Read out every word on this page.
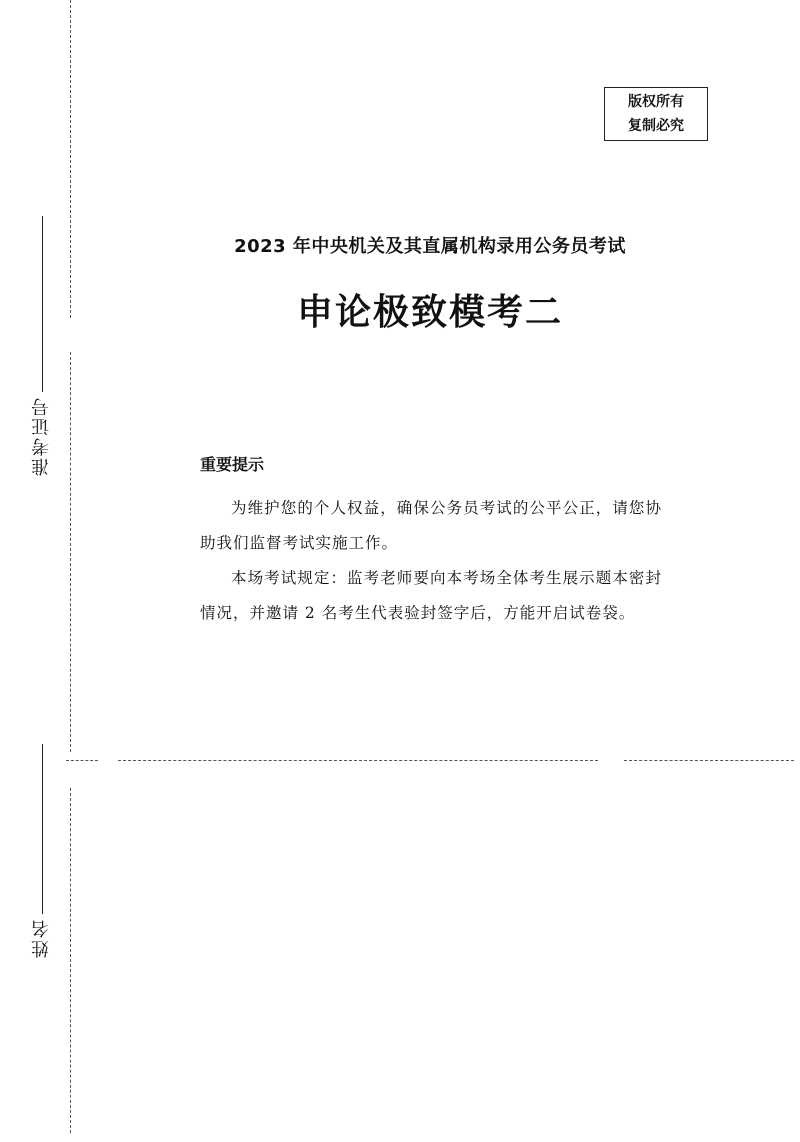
准考证号
姓名
版权所有
复制必究
2023 年中央机关及其直属机构录用公务员考试
申论极致模考二
重要提示

为维护您的个人权益，确保公务员考试的公平公正，请您协助我们监督考试实施工作。

本场考试规定：监考老师要向本考场全体考生展示题本密封情况，并邀请 2 名考生代表验封签字后，方能开启试卷袋。
